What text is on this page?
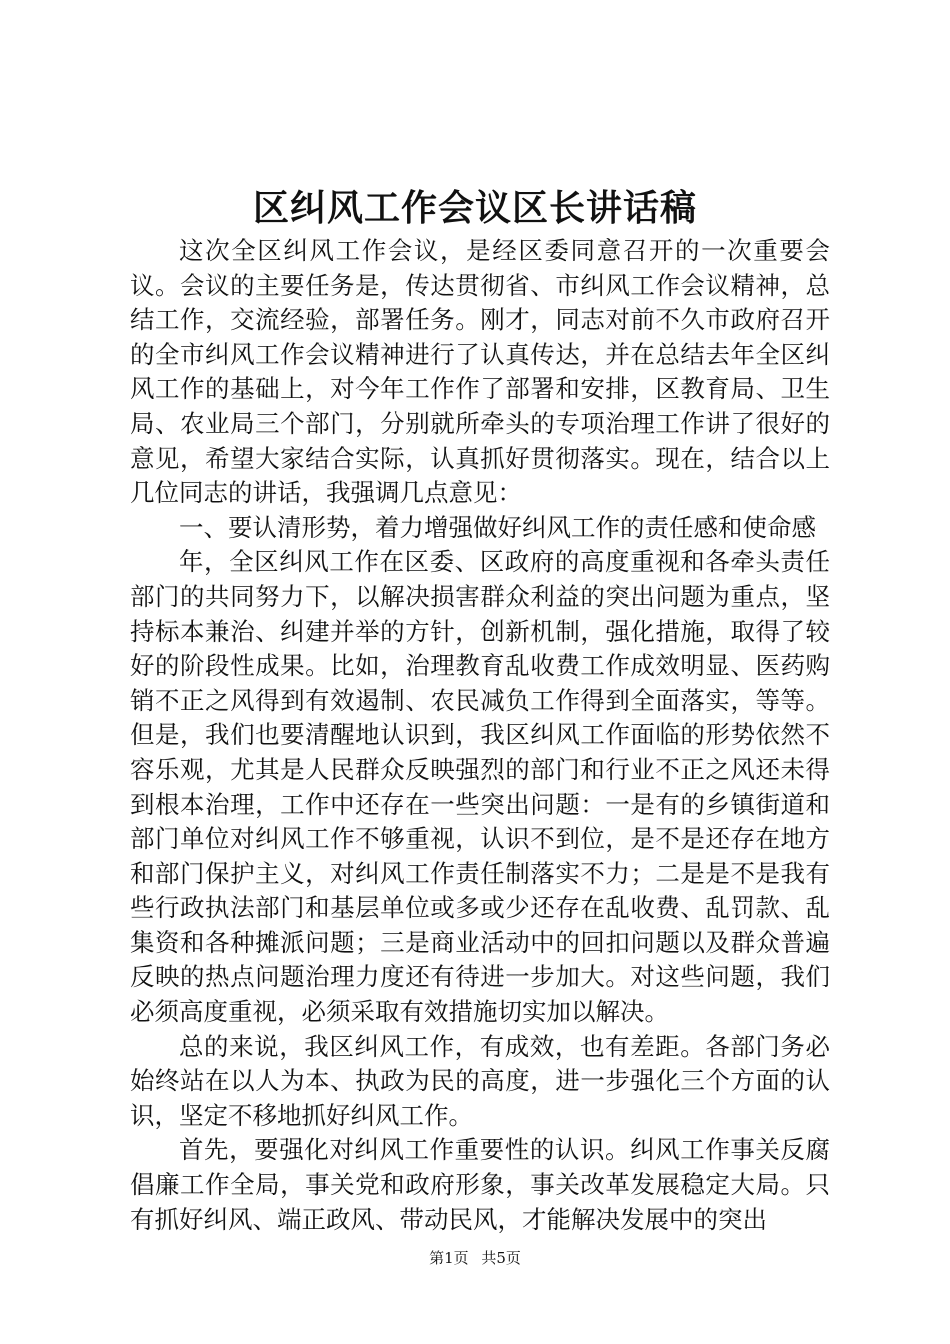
区纠风工作会议区长讲话稿

这次全区纠风工作会议，是经区委同意召开的一次重要会议。会议的主要任务是，传达贯彻省、市纠风工作会议精神，总结工作，交流经验，部署任务。刚才，同志对前不久市政府召开的全市纠风工作会议精神进行了认真传达，并在总结去年全区纠风工作的基础上，对今年工作作了部署和安排，区教育局、卫生局、农业局三个部门，分别就所牵头的专项治理工作讲了很好的意见，希望大家结合实际，认真抓好贯彻落实。现在，结合以上几位同志的讲话，我强调几点意见：

一、要认清形势，着力增强做好纠风工作的责任感和使命感

年，全区纠风工作在区委、区政府的高度重视和各牵头责任部门的共同努力下，以解决损害群众利益的突出问题为重点，坚持标本兼治、纠建并举的方针，创新机制，强化措施，取得了较好的阶段性成果。比如，治理教育乱收费工作成效明显、医药购销不正之风得到有效遏制、农民减负工作得到全面落实，等等。但是，我们也要清醒地认识到，我区纠风工作面临的形势依然不容乐观，尤其是人民群众反映强烈的部门和行业不正之风还未得到根本治理，工作中还存在一些突出问题：一是有的乡镇街道和部门单位对纠风工作不够重视，认识不到位，是不是还存在地方和部门保护主义，对纠风工作责任制落实不力；二是是不是我有些行政执法部门和基层单位或多或少还存在乱收费、乱罚款、乱集资和各种摊派问题；三是商业活动中的回扣问题以及群众普遍反映的热点问题治理力度还有待进一步加大。对这些问题，我们必须高度重视，必须采取有效措施切实加以解决。

总的来说，我区纠风工作，有成效，也有差距。各部门务必始终站在以人为本、执政为民的高度，进一步强化三个方面的认识，坚定不移地抓好纠风工作。

首先，要强化对纠风工作重要性的认识。纠风工作事关反腐倡廉工作全局，事关党和政府形象，事关改革发展稳定大局。只有抓好纠风、端正政风、带动民风，才能解决发展中的突出

第1页 共5页
